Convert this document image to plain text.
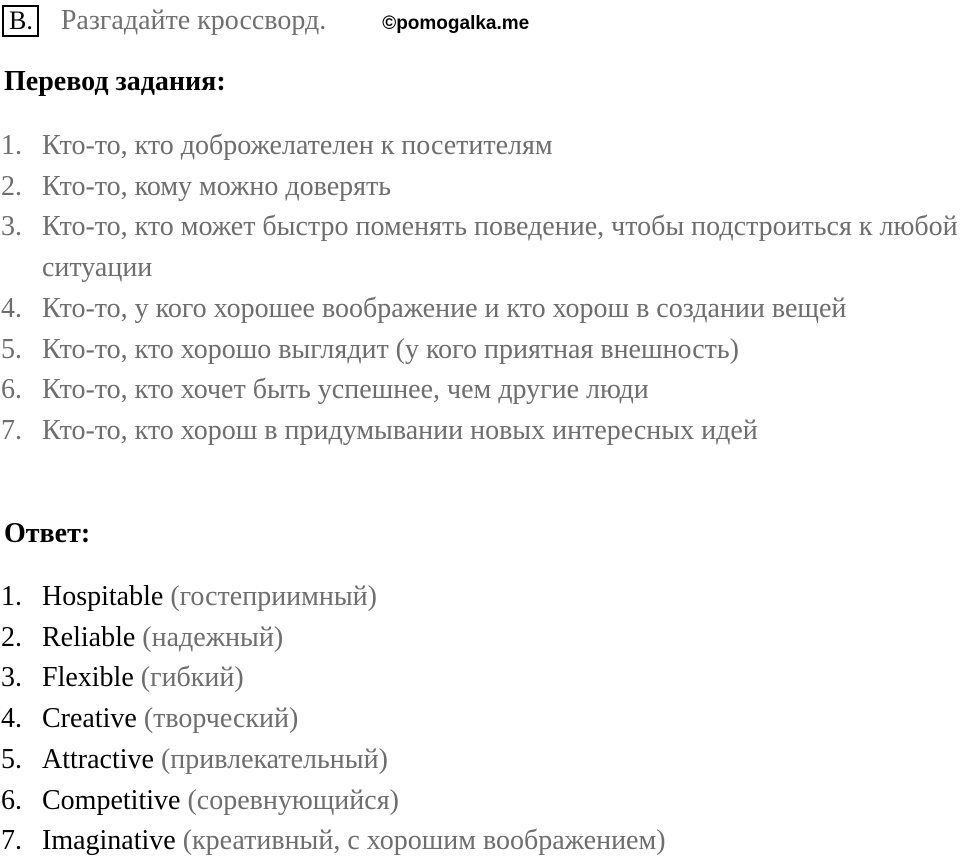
B. Разгадайте кроссворд.	©pomogalka.me
Перевод задания:
1. Кто-то, кто доброжелателен к посетителям
2. Кто-то, кому можно доверять
3. Кто-то, кто может быстро поменять поведение, чтобы подстроиться к любой ситуации
4. Кто-то, у кого хорошее воображение и кто хорош в создании вещей
5. Кто-то, кто хорошо выглядит (у кого приятная внешность)
6. Кто-то, кто хочет быть успешнее, чем другие люди
7. Кто-то, кто хорош в придумывании новых интересных идей
Ответ:
1. Hospitable (гостеприимный)
2. Reliable (надежный)
3. Flexible (гибкий)
4. Creative (творческий)
5. Attractive (привлекательный)
6. Competitive (соревнующийся)
7. Imaginative (креативный, с хорошим воображением)
